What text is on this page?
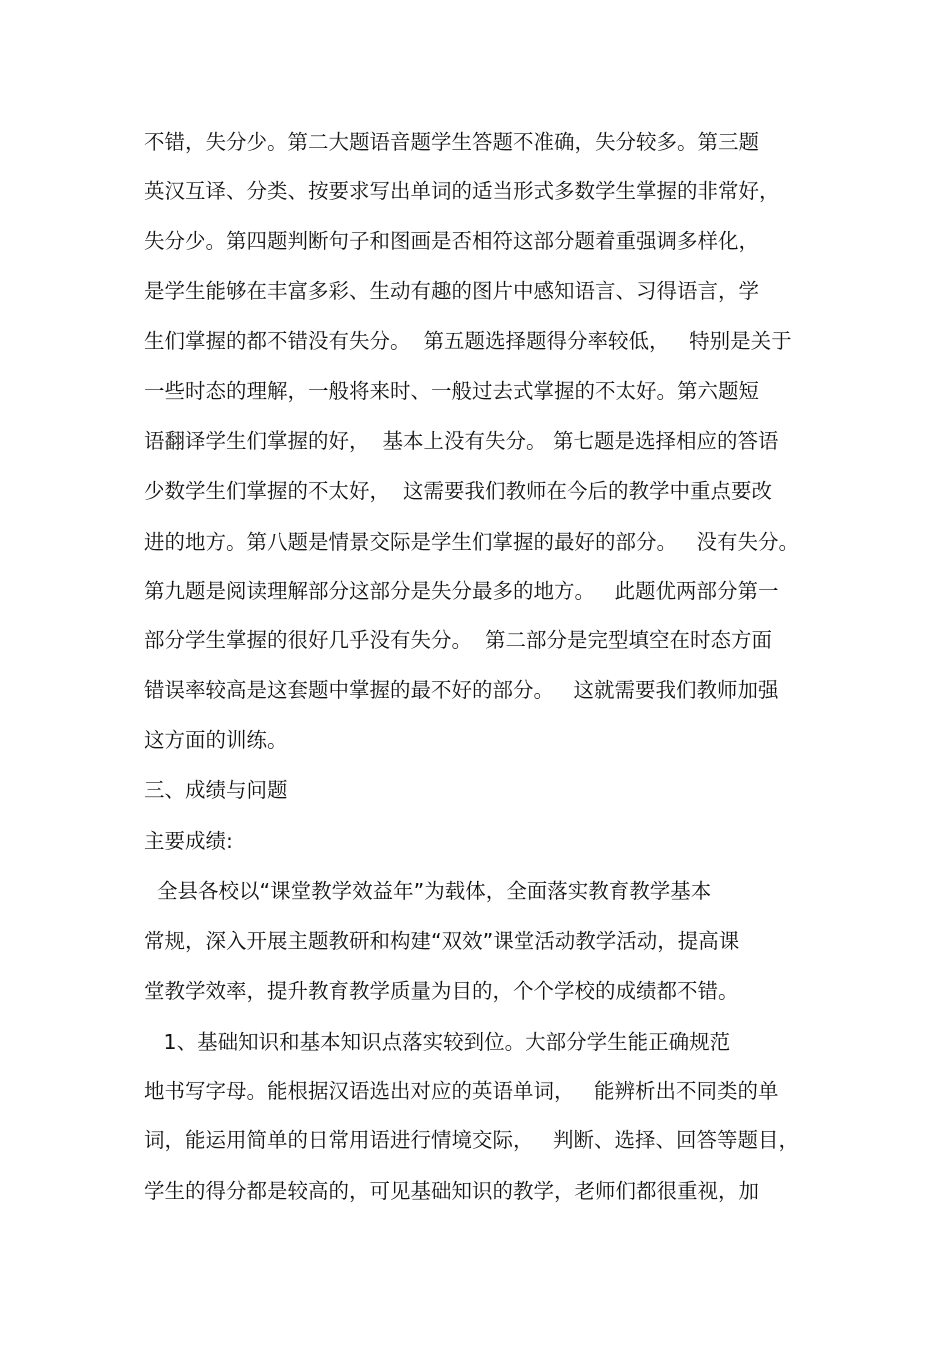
不错，失分少。第二大题语音题学生答题不准确，失分较多。第三题
英汉互译、分类、按要求写出单词的适当形式多数学生掌握的非常好，
失分少。第四题判断句子和图画是否相符这部分题着重强调多样化，
是学生能够在丰富多彩、生动有趣的图片中感知语言、习得语言，学
生们掌握的都不错没有失分。  第五题选择题得分率较低，   特别是关于
一些时态的理解，一般将来时、一般过去式掌握的不太好。第六题短
语翻译学生们掌握的好，  基本上没有失分。 第七题是选择相应的答语
少数学生们掌握的不太好，  这需要我们教师在今后的教学中重点要改
进的地方。第八题是情景交际是学生们掌握的最好的部分。   没有失分。
第九题是阅读理解部分这部分是失分最多的地方。   此题优两部分第一
部分学生掌握的很好几乎没有失分。  第二部分是完型填空在时态方面
错误率较高是这套题中掌握的最不好的部分。   这就需要我们教师加强
这方面的训练。
三、成绩与问题
主要成绩:
全县各校以“课堂教学效益年”为载体，全面落实教育教学基本
常规，深入开展主题教研和构建“双效”课堂活动教学活动，提高课
堂教学效率，提升教育教学质量为目的，个个学校的成绩都不错。
1、基础知识和基本知识点落实较到位。大部分学生能正确规范
地书写字母。能根据汉语选出对应的英语单词，   能辨析出不同类的单
词，能运用简单的日常用语进行情境交际，   判断、选择、回答等题目，
学生的得分都是较高的，可见基础知识的教学，老师们都很重视，加
